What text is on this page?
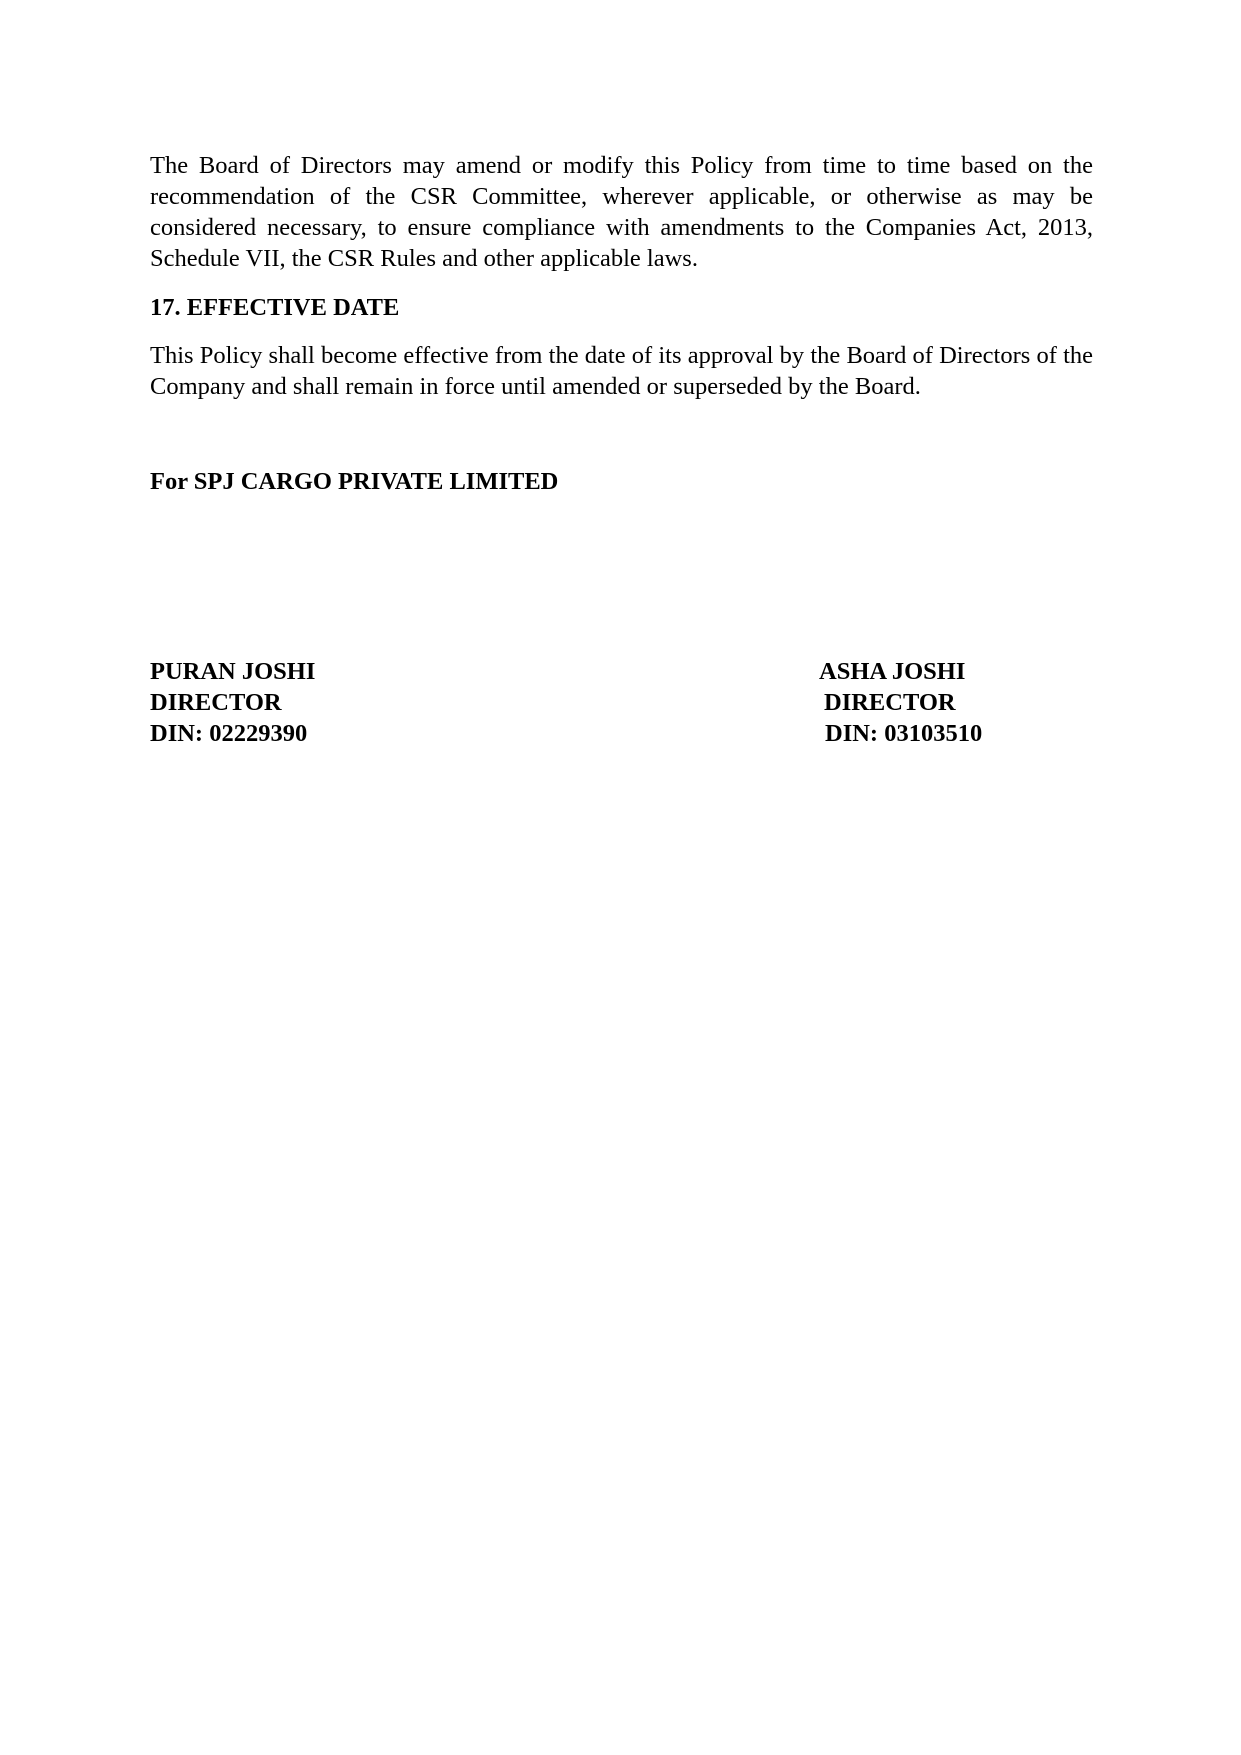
The Board of Directors may amend or modify this Policy from time to time based on the recommendation of the CSR Committee, wherever applicable, or otherwise as may be considered necessary, to ensure compliance with amendments to the Companies Act, 2013, Schedule VII, the CSR Rules and other applicable laws.

17. EFFECTIVE DATE

This Policy shall become effective from the date of its approval by the Board of Directors of the Company and shall remain in force until amended or superseded by the Board.

For SPJ CARGO PRIVATE LIMITED

PURAN JOSHI
DIRECTOR
DIN: 02229390
ASHA JOSHI
DIRECTOR
DIN: 03103510
